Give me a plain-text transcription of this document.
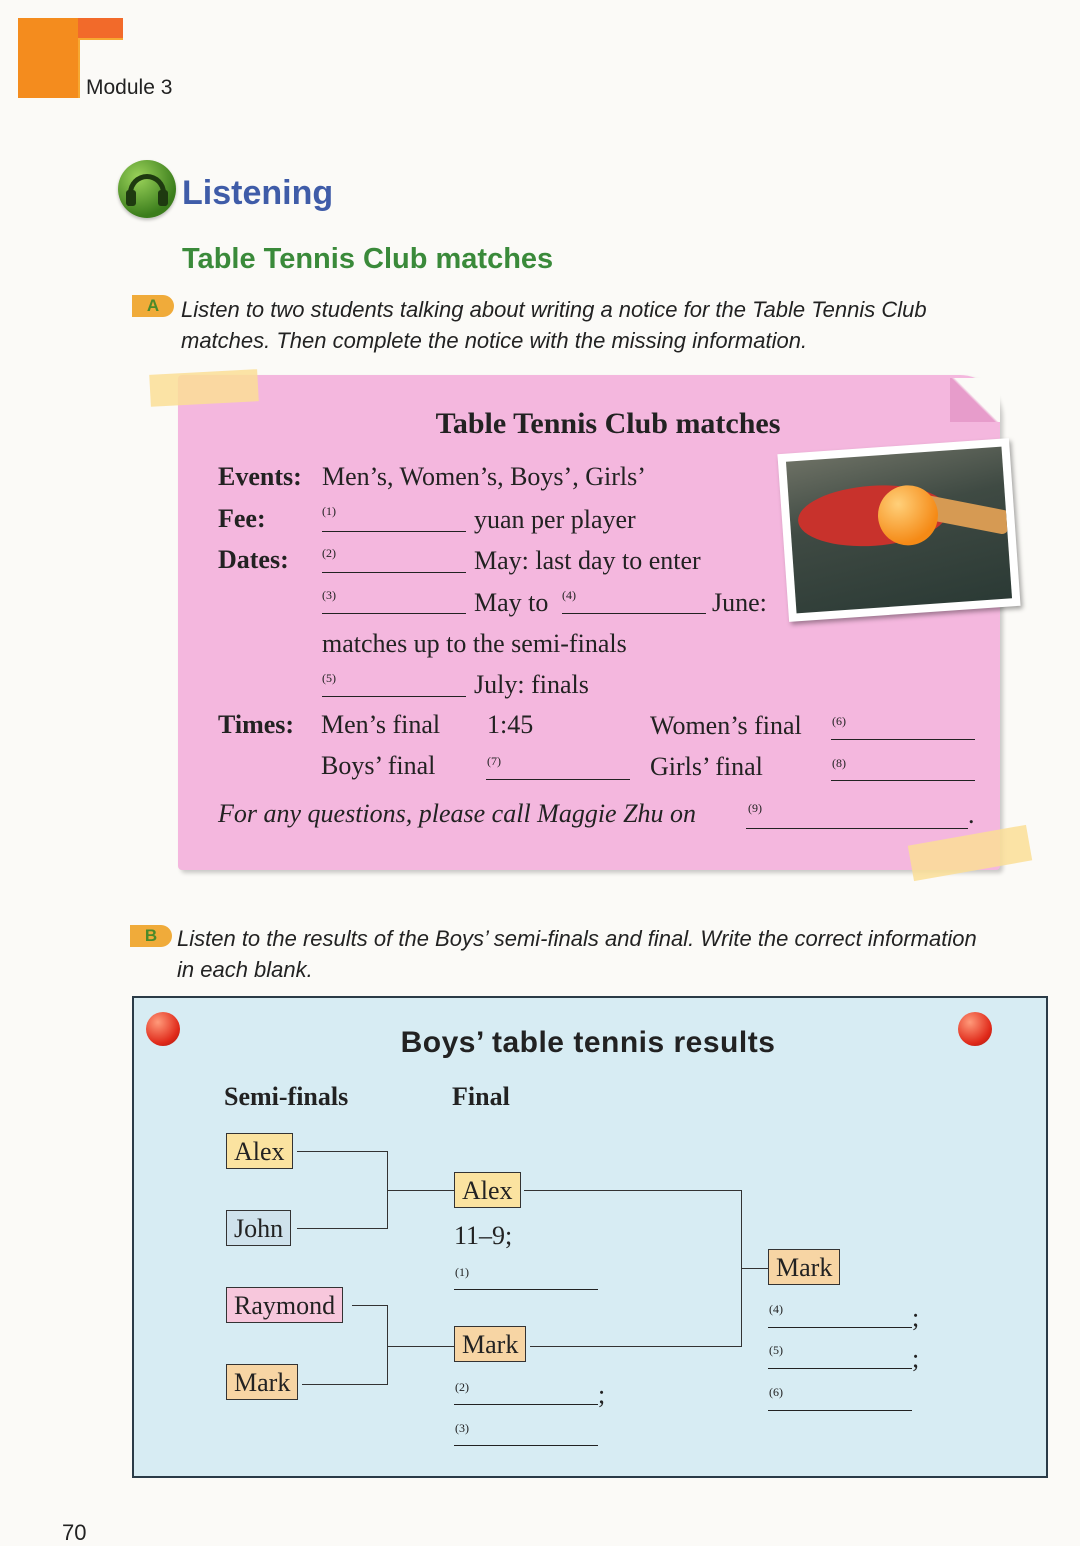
Module 3
Listening
Table Tennis Club matches
A Listen to two students talking about writing a notice for the Table Tennis Club
matches. Then complete the notice with the missing information.
Table Tennis Club matches
Events: Men’s, Women’s, Boys’, Girls’
Fee:	(1)	yuan per player
Dates:	(2)	May: last day to enter
(3)	May to (4)	June:
matches up to the semi-finals
(5)	July: finals
Times: Men’s final 1:45	Women’s final	(6)
Boys’ final	(7)	Girls’ final	(8)
For any questions, please call Maggie Zhu on	(9)	.
B Listen to the results of the Boys’ semi-finals and final. Write the correct information
in each blank.
Boys’ table tennis results
Semi-finals	Final
Alex
John
Raymond
Mark
Alex
Mark
Mark
11–9;
(1)
(2)	;
(3)
(4)	;
(5)	;
(6)
70
